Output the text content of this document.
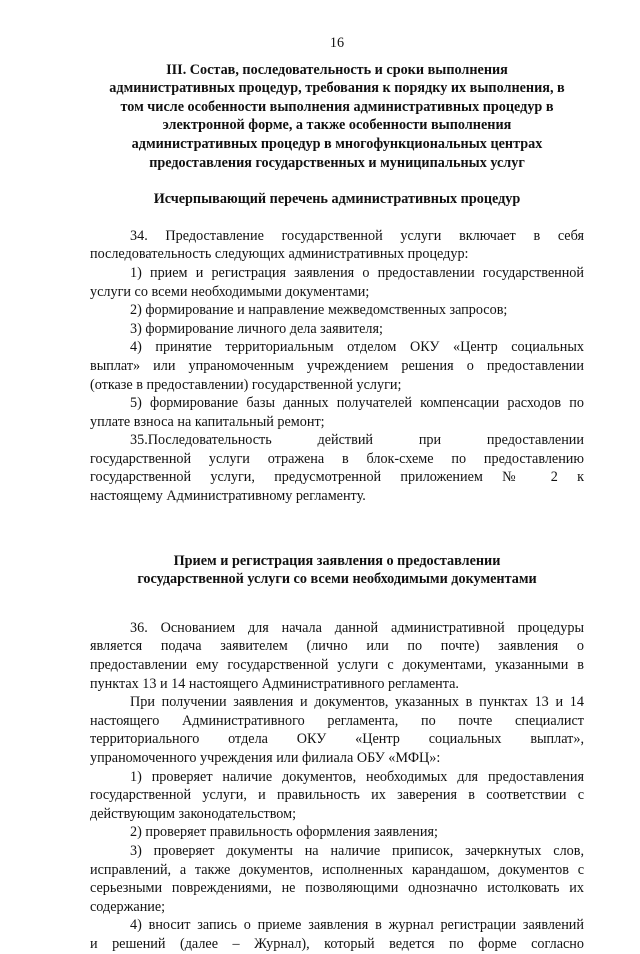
16
III. Состав, последовательность и сроки выполнения
административных процедур, требования к порядку их выполнения, в
том числе особенности выполнения административных процедур в
электронной форме, а также особенности выполнения
административных процедур в многофункциональных центрах
предоставления государственных и муниципальных услуг
Исчерпывающий перечень административных процедур
34. Предоставление государственной услуги включает в себя
последовательность следующих административных процедур:
1) прием и регистрация заявления о предоставлении государственной
услуги со всеми необходимыми документами;
2) формирование и направление межведомственных запросов;
3) формирование личного дела заявителя;
4) принятие территориальным отделом ОКУ «Центр социальных
выплат» или упраномоченным учреждением решения о предоставлении
(отказе в предоставлении) государственной услуги;
5) формирование базы данных получателей компенсации расходов по
уплате взноса на капитальный ремонт;
35.Последовательность действий при предоставлении
государственной услуги отражена в блок-схеме по предоставлению
государственной услуги, предусмотренной приложением № 2 к
настоящему Административному регламенту.
Прием и регистрация заявления о предоставлении
государственной услуги со всеми необходимыми документами
36. Основанием для начала данной административной процедуры
является подача заявителем (лично или по почте) заявления о
предоставлении ему государственной услуги с документами, указанными в
пунктах 13 и 14 настоящего Административного регламента.
При получении заявления и документов, указанных в пунктах 13 и 14
настоящего Административного регламента, по почте специалист
территориального отдела ОКУ «Центр социальных выплат»,
упраномоченного учреждения или филиала ОБУ «МФЦ»:
1) проверяет наличие документов, необходимых для предоставления
государственной услуги, и правильность их заверения в соответствии с
действующим законодательством;
2) проверяет правильность оформления заявления;
3) проверяет документы на наличие приписок, зачеркнутых слов,
исправлений, а также документов, исполненных карандашом, документов с
серьезными повреждениями, не позволяющими однозначно истолковать их
содержание;
4) вносит запись о приеме заявления в журнал регистрации заявлений
и решений (далее – Журнал), который ведется по форме согласно
